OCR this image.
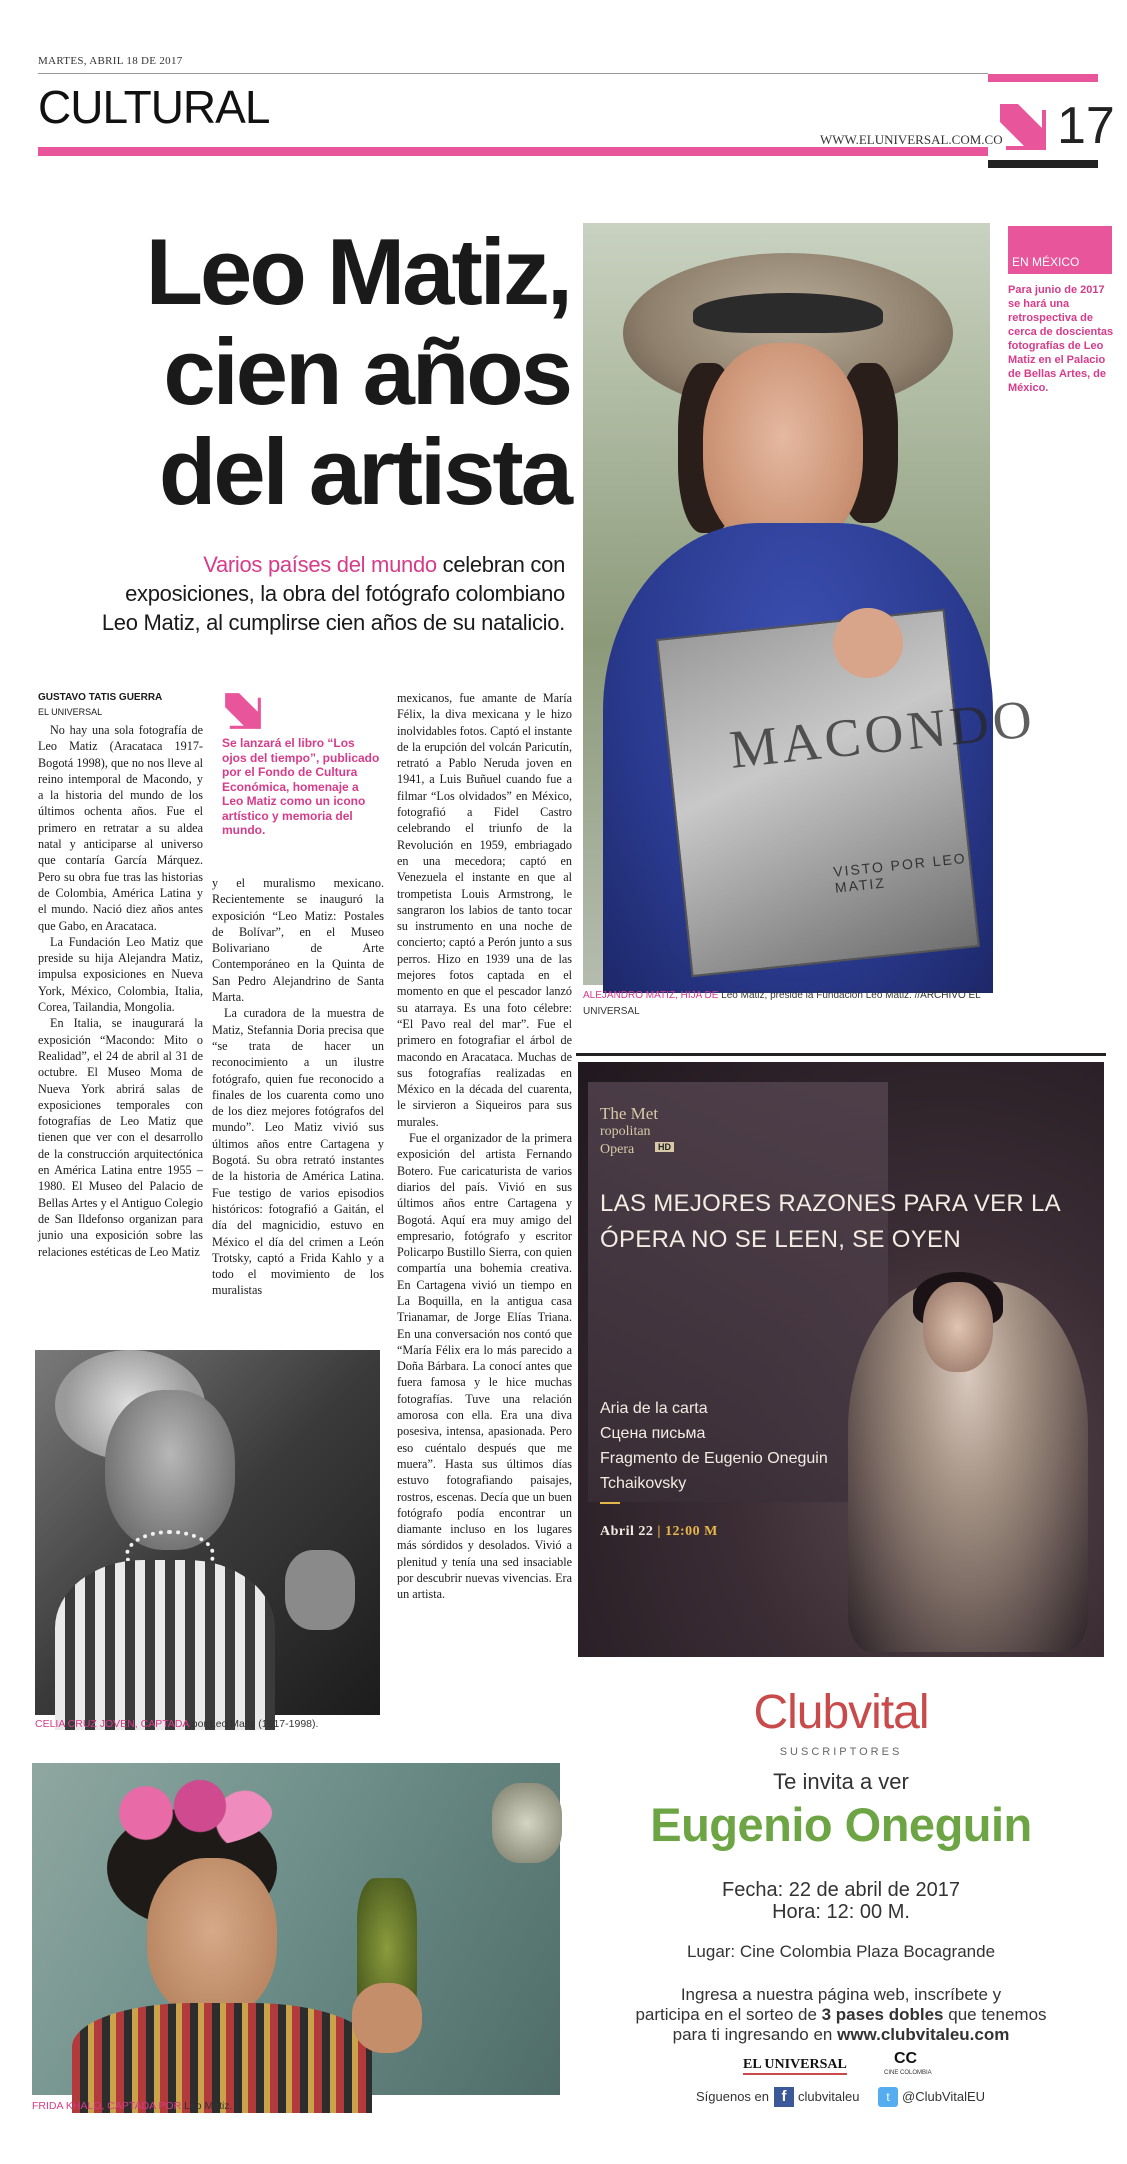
MARTES, ABRIL 18 DE 2017
CULTURAL
WWW.ELUNIVERSAL.COM.CO 17
Leo Matiz,
cien años
del artista
Varios países del mundo celebran con exposiciones, la obra del fotógrafo colombiano Leo Matiz, al cumplirse cien años de su natalicio.
MACONDO
VISTO POR LEO MATIZ
ALEJANDRO MATIZ, HIJA DE Leo Matiz, preside la Fundación Leo Matiz. //ARCHIVO EL UNIVERSAL
EN MÉXICO
Para junio de 2017 se hará una retrospectiva de cerca de doscientas fotografías de Leo Matiz en el Palacio de Bellas Artes, de México.
GUSTAVO TATIS GUERRA
EL UNIVERSAL

No hay una sola fotografía de Leo Matiz (Aracataca 1917-Bogotá 1998), que no nos lleve al reino intemporal de Macondo, y a la historia del mundo de los últimos ochenta años. Fue el primero en retratar a su aldea natal y anticiparse al universo que contaría García Márquez. Pero su obra fue tras las historias de Colombia, América Latina y el mundo. Nació diez años antes que Gabo, en Aracataca.

La Fundación Leo Matiz que preside su hija Alejandra Matiz, impulsa exposiciones en Nueva York, México, Colombia, Italia, Corea, Tailandia, Mongolia.

En Italia, se inaugurará la exposición “Macondo: Mito o Realidad”, el 24 de abril al 31 de octubre. El Museo Moma de Nueva York abrirá salas de exposiciones temporales con fotografías de Leo Matiz que tienen que ver con el desarrollo de la construcción arquitectónica en América Latina entre 1955 – 1980. El Museo del Palacio de Bellas Artes y el Antiguo Colegio de San Ildefonso organizan para junio una exposición sobre las relaciones estéticas de Leo Matiz

Se lanzará el libro “Los ojos del tiempo”, publicado por el Fondo de Cultura Económica, homenaje a Leo Matiz como un icono artístico y memoria del mundo.

y el muralismo mexicano. Recientemente se inauguró la exposición “Leo Matiz: Postales de Bolívar”, en el Museo Bolivariano de Arte Contemporáneo en la Quinta de San Pedro Alejandrino de Santa Marta.

La curadora de la muestra de Matiz, Stefannia Doria precisa que “se trata de hacer un reconocimiento a un ilustre fotógrafo, quien fue reconocido a finales de los cuarenta como uno de los diez mejores fotógrafos del mundo”. Leo Matiz vivió sus últimos años entre Cartagena y Bogotá. Su obra retrató instantes de la historia de América Latina. Fue testigo de varios episodios históricos: fotografió a Gaitán, el día del magnicidio, estuvo en México el día del crimen a León Trotsky, captó a Frida Kahlo y a todo el movimiento de los muralistas

mexicanos, fue amante de María Félix, la diva mexicana y le hizo inolvidables fotos. Captó el instante de la erupción del volcán Paricutín, retrató a Pablo Neruda joven en 1941, a Luis Buñuel cuando fue a filmar “Los olvidados” en México, fotografió a Fidel Castro celebrando el triunfo de la Revolución en 1959, embriagado en una mecedora; captó en Venezuela el instante en que al trompetista Louis Armstrong, le sangraron los labios de tanto tocar su instrumento en una noche de concierto; captó a Perón junto a sus perros. Hizo en 1939 una de las mejores fotos captada en el momento en que el pescador lanzó su atarraya. Es una foto célebre: “El Pavo real del mar”. Fue el primero en fotografiar el árbol de macondo en Aracataca. Muchas de sus fotografías realizadas en México en la década del cuarenta, le sirvieron a Siqueiros para sus murales.

Fue el organizador de la primera exposición del artista Fernando Botero. Fue caricaturista de varios diarios del país. Vivió en sus últimos años entre Cartagena y Bogotá. Aquí era muy amigo del empresario, fotógrafo y escritor Policarpo Bustillo Sierra, con quien compartía una bohemia creativa. En Cartagena vivió un tiempo en La Boquilla, en la antigua casa Trianamar, de Jorge Elías Triana. En una conversación nos contó que “María Félix era lo más parecido a Doña Bárbara. La conocí antes que fuera famosa y le hice muchas fotografías. Tuve una relación amorosa con ella. Era una diva posesiva, intensa, apasionada. Pero eso cuéntalo después que me muera”. Hasta sus últimos días estuvo fotografiando paisajes, rostros, escenas. Decía que un buen fotógrafo podía encontrar un diamante incluso en los lugares más sórdidos y desolados. Vivió a plenitud y tenía una sed insaciable por descubrir nuevas vivencias. Era un artista.

CELIA CRUZ JOVEN, CAPTADA por Leo Matiz (1917-1998).
FRIDA KHALO, CAPTADA POR Leo Matiz.
The Met
ropolitan
Opera	HD
LAS MEJORES RAZONES PARA VER LA
ÓPERA NO SE LEEN, SE OYEN
Aria de la carta
Сцена письма
Fragmento de Eugenio Oneguin
Tchaikovsky
Abril 22 | 12:00 M
Clubvital
SUSCRIPTORES
Te invita a ver
Eugenio Oneguin
Fecha: 22 de abril de 2017
Hora: 12: 00 M.
Lugar: Cine Colombia Plaza Bocagrande
Ingresa a nuestra página web, inscríbete y
participa en el sorteo de 3 pases dobles que tenemos
para ti ingresando en www.clubvitaleu.com
EL UNIVERSAL	CC
CINE COLOMBIA
Síguenos en f clubvitaleu	t @ClubVitalEU
